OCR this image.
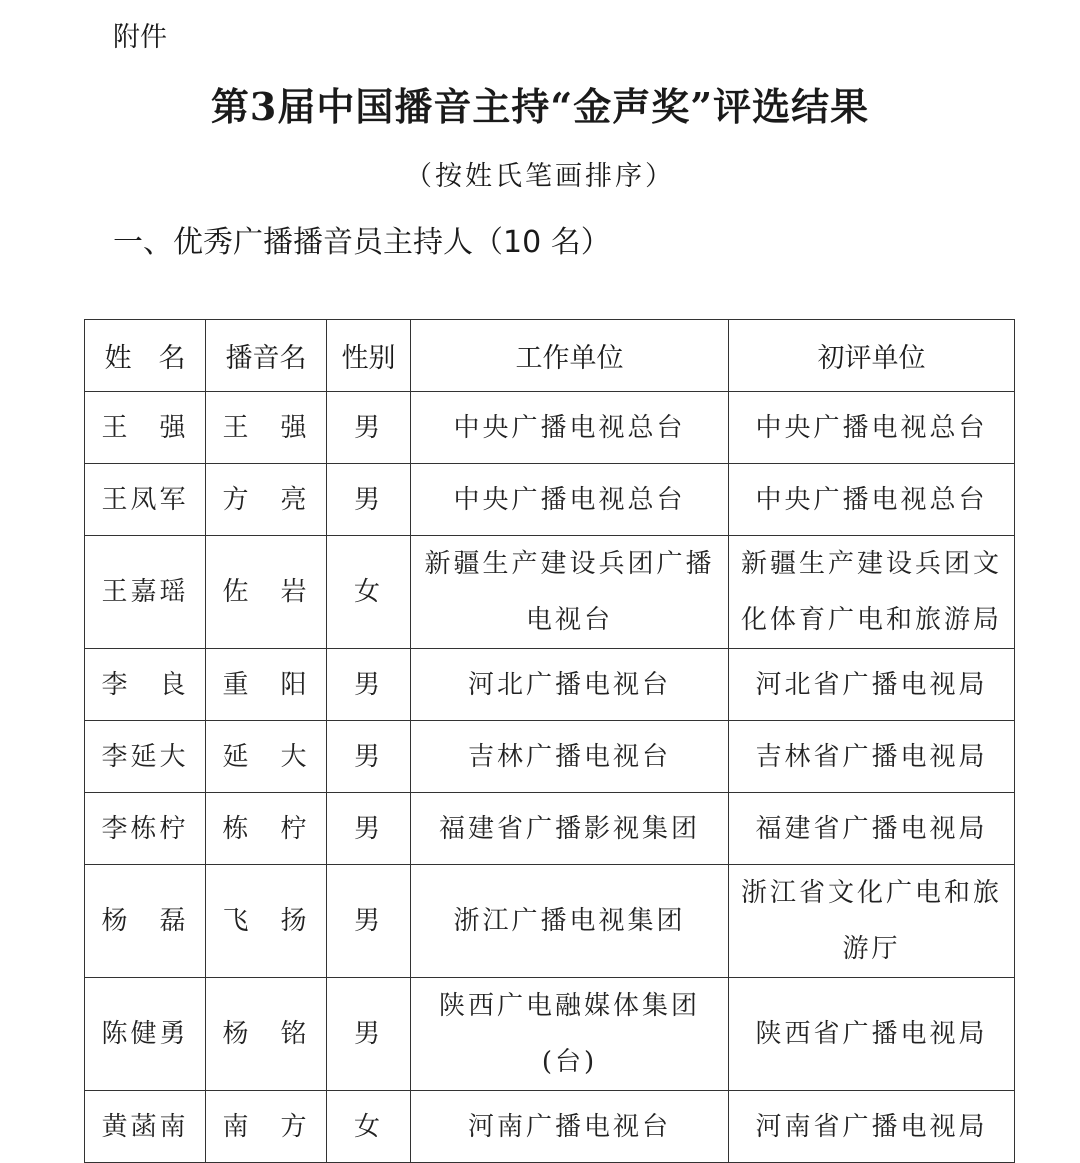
附件
第3届中国播音主持“金声奖”评选结果
（按姓氏笔画排序）
一、优秀广播播音员主持人（10 名）
姓　名	播音名	性别	工作单位	初评单位
王　强	王　强	男	中央广播电视总台	中央广播电视总台
王凤军	方　亮	男	中央广播电视总台	中央广播电视总台
王嘉瑶	佐　岩	女	新疆生产建设兵团广播电视台	新疆生产建设兵团文化体育广电和旅游局
李　良	重　阳	男	河北广播电视台	河北省广播电视局
李延大	延　大	男	吉林广播电视台	吉林省广播电视局
李栋柠	栋　柠	男	福建省广播影视集团	福建省广播电视局
杨　磊	飞　扬	男	浙江广播电视集团	浙江省文化广电和旅游厅
陈健勇	杨　铭	男	陕西广电融媒体集团(台)	陕西省广播电视局
黄菡南	南　方	女	河南广播电视台	河南省广播电视局
